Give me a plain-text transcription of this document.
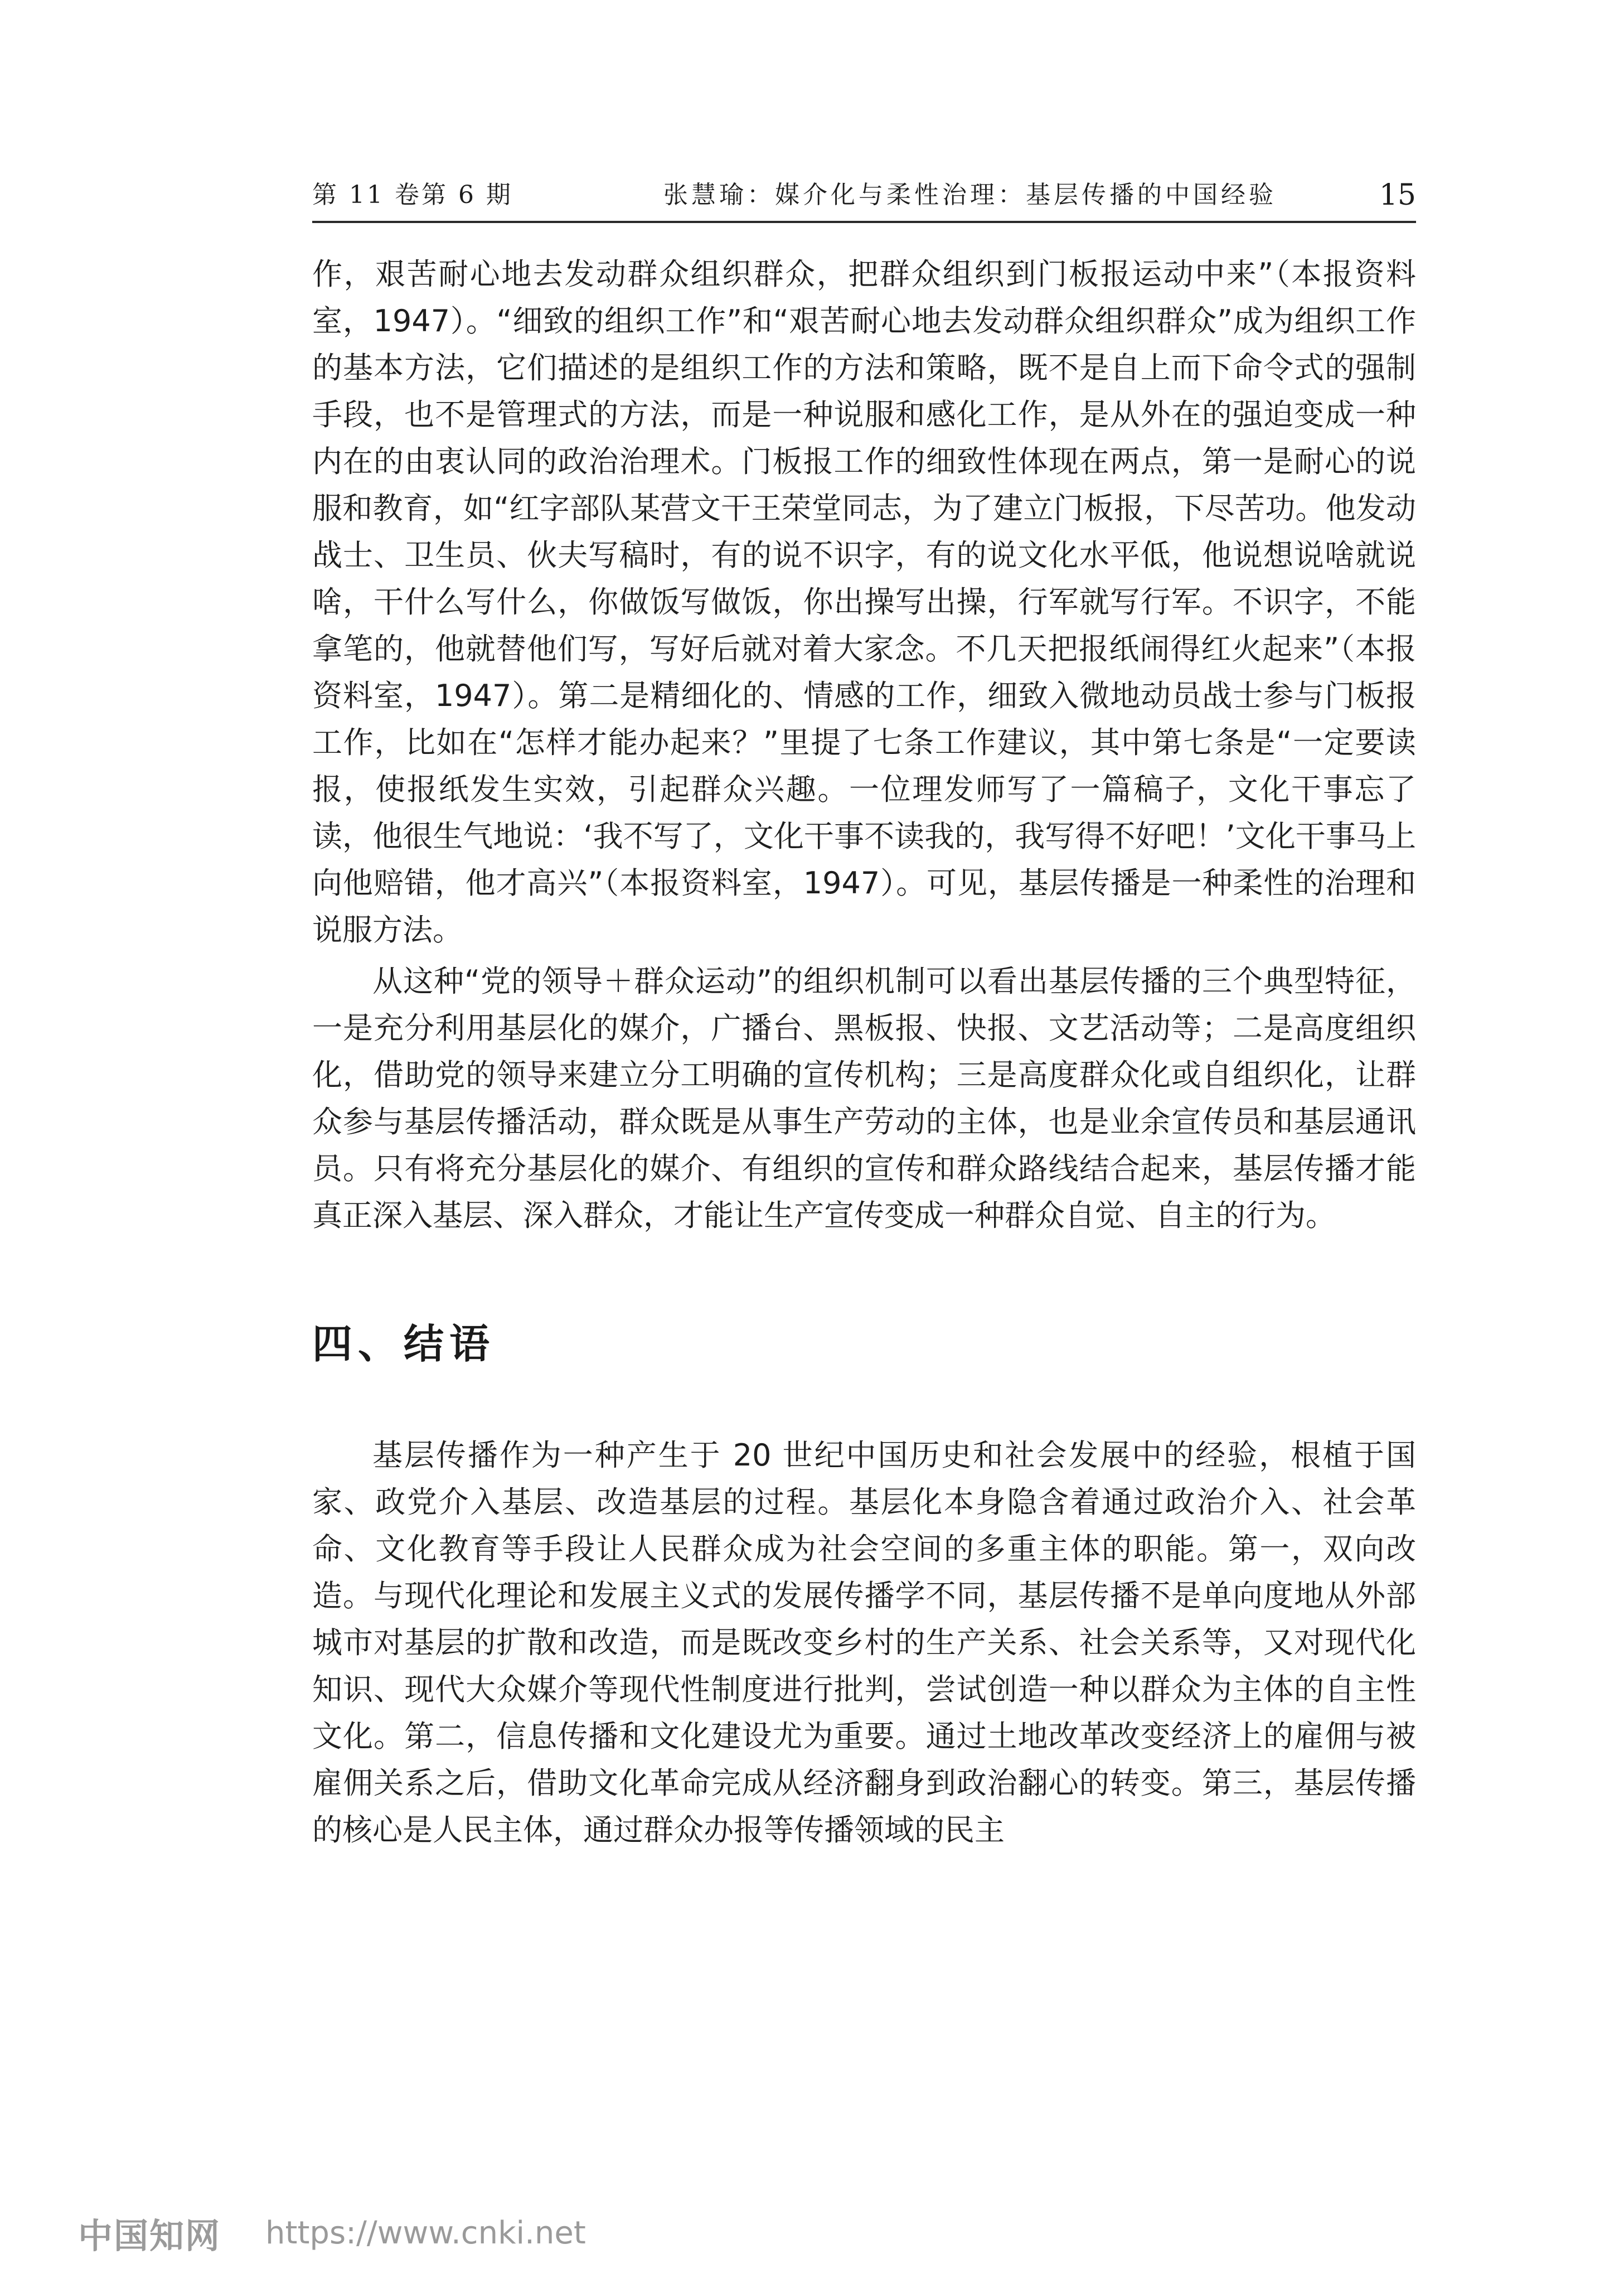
第 11 卷第 6 期	张慧瑜：媒介化与柔性治理：基层传播的中国经验	15

作，艰苦耐心地去发动群众组织群众，把群众组织到门板报运动中来”（本报资料室，1947）。“细致的组织工作”和“艰苦耐心地去发动群众组织群众”成为组织工作的基本方法，它们描述的是组织工作的方法和策略，既不是自上而下命令式的强制手段，也不是管理式的方法，而是一种说服和感化工作，是从外在的强迫变成一种内在的由衷认同的政治治理术。门板报工作的细致性体现在两点，第一是耐心的说服和教育，如“红字部队某营文干王荣堂同志，为了建立门板报，下尽苦功。他发动战士、卫生员、伙夫写稿时，有的说不识字，有的说文化水平低，他说想说啥就说啥，干什么写什么，你做饭写做饭，你出操写出操，行军就写行军。不识字，不能拿笔的，他就替他们写，写好后就对着大家念。不几天把报纸闹得红火起来”（本报资料室，1947）。第二是精细化的、情感的工作，细致入微地动员战士参与门板报工作，比如在“怎样才能办起来？”里提了七条工作建议，其中第七条是“一定要读报，使报纸发生实效，引起群众兴趣。一位理发师写了一篇稿子，文化干事忘了读，他很生气地说：‘我不写了，文化干事不读我的，我写得不好吧！’文化干事马上向他赔错，他才高兴”（本报资料室，1947）。可见，基层传播是一种柔性的治理和说服方法。

从这种“党的领导＋群众运动”的组织机制可以看出基层传播的三个典型特征，一是充分利用基层化的媒介，广播台、黑板报、快报、文艺活动等；二是高度组织化，借助党的领导来建立分工明确的宣传机构；三是高度群众化或自组织化，让群众参与基层传播活动，群众既是从事生产劳动的主体，也是业余宣传员和基层通讯员。只有将充分基层化的媒介、有组织的宣传和群众路线结合起来，基层传播才能真正深入基层、深入群众，才能让生产宣传变成一种群众自觉、自主的行为。

四、结语

基层传播作为一种产生于 20 世纪中国历史和社会发展中的经验，根植于国家、政党介入基层、改造基层的过程。基层化本身隐含着通过政治介入、社会革命、文化教育等手段让人民群众成为社会空间的多重主体的职能。第一，双向改造。与现代化理论和发展主义式的发展传播学不同，基层传播不是单向度地从外部城市对基层的扩散和改造，而是既改变乡村的生产关系、社会关系等，又对现代化知识、现代大众媒介等现代性制度进行批判，尝试创造一种以群众为主体的自主性文化。第二，信息传播和文化建设尤为重要。通过土地改革改变经济上的雇佣与被雇佣关系之后，借助文化革命完成从经济翻身到政治翻心的转变。第三，基层传播的核心是人民主体，通过群众办报等传播领域的民主

中国知网 https://www.cnki.net
